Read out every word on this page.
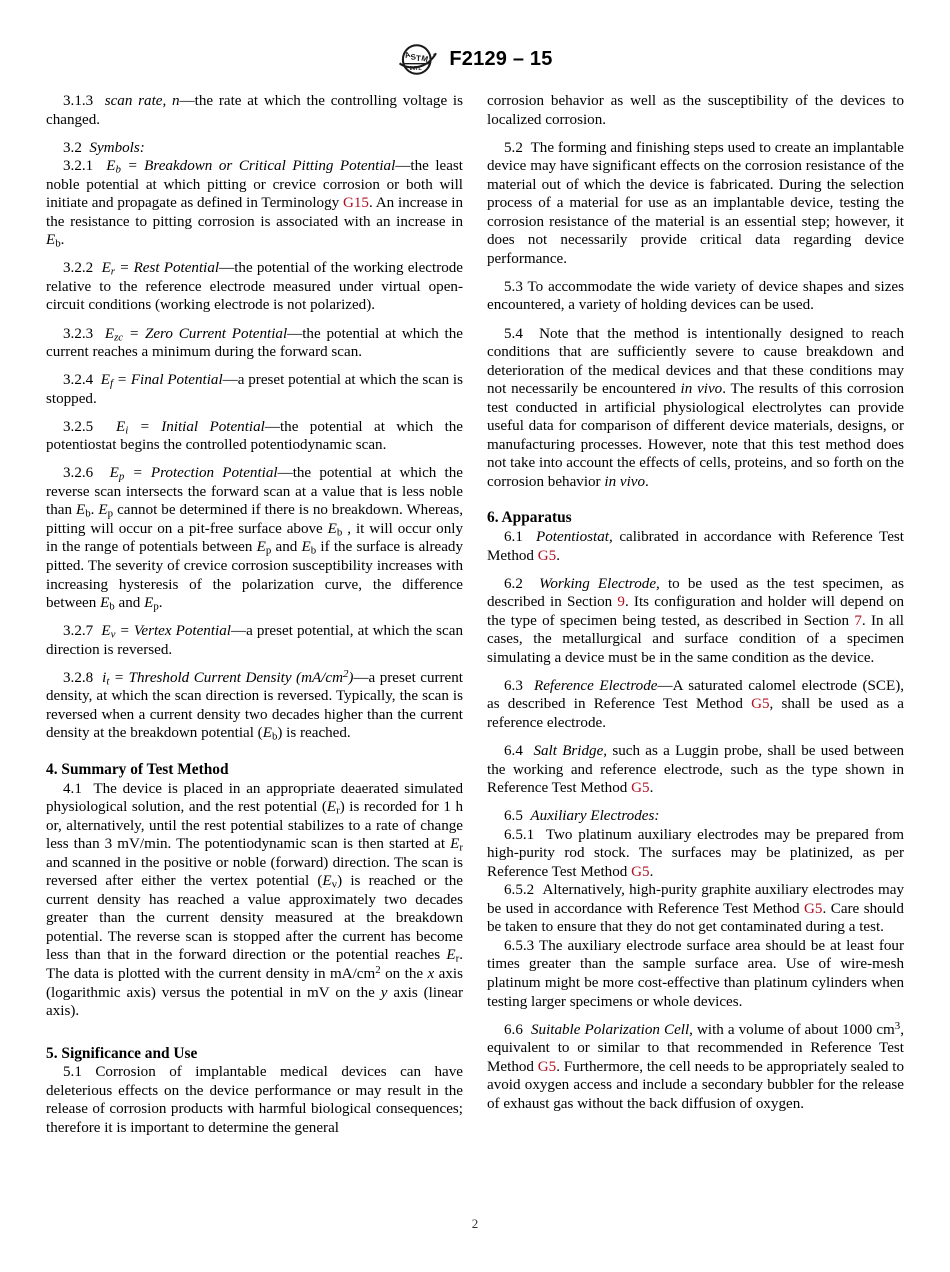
A
S T M
INTL F2129 – 15

3.1.3  scan rate, n—the rate at which the controlling voltage is changed.

3.2  Symbols:

3.2.1  $E_b$ = Breakdown or Critical Pitting Potential—the least noble potential at which pitting or crevice corrosion or both will initiate and propagate as defined in Terminology G15. An increase in the resistance to pitting corrosion is associated with an increase in $E_b$.

3.2.2  $E_r$ = Rest Potential—the potential of the working electrode relative to the reference electrode measured under virtual open-circuit conditions (working electrode is not polarized).

3.2.3  $E_{zc}$ = Zero Current Potential—the potential at which the current reaches a minimum during the forward scan.

3.2.4  $E_f$ = Final Potential—a preset potential at which the scan is stopped.

3.2.5  $E_i$ = Initial Potential—the potential at which the potentiostat begins the controlled potentiodynamic scan.

3.2.6  $E_p$ = Protection Potential—the potential at which the reverse scan intersects the forward scan at a value that is less noble than $E_b$. $E_p$ cannot be determined if there is no breakdown. Whereas, pitting will occur on a pit-free surface above $E_b$ , it will occur only in the range of potentials between $E_p$ and $E_b$ if the surface is already pitted. The severity of crevice corrosion susceptibility increases with increasing hysteresis of the polarization curve, the difference between $E_b$ and $E_p$.

3.2.7  $E_v$ = Vertex Potential—a preset potential, at which the scan direction is reversed.

3.2.8  $i_t$ = Threshold Current Density $(mA/cm^2)—a$ preset current density, at which the scan direction is reversed. Typically, the scan is reversed when a current density two decades higher than the current density at the breakdown potential $(E_b)$ is reached.

4. Summary of Test Method

4.1  The device is placed in an appropriate deaerated simulated physiological solution, and the rest potential $(E_r)$ is recorded for 1 h or, alternatively, until the rest potential stabilizes to a rate of change less than 3 mV/min. The potentiodynamic scan is then started at $E_r$ and scanned in the positive or noble (forward) direction. The scan is reversed after either the vertex potential $(E_v)$ is reached or the current density has reached a value approximately two decades greater than the current density measured at the breakdown potential. The reverse scan is stopped after the current has become less than that in the forward direction or the potential reaches $E_r$. The data is plotted with the current density in $mA/cm^2$ on the x axis (logarithmic axis) versus the potential in mV on the y axis (linear axis).

5. Significance and Use

5.1 Corrosion of implantable medical devices can have deleterious effects on the device performance or may result in the release of corrosion products with harmful biological consequences; therefore it is important to determine the general

corrosion behavior as well as the susceptibility of the devices to localized corrosion.

5.2  The forming and finishing steps used to create an implantable device may have significant effects on the corrosion resistance of the material out of which the device is fabricated. During the selection process of a material for use as an implantable device, testing the corrosion resistance of the material is an essential step; however, it does not necessarily provide critical data regarding device performance.

5.3 To accommodate the wide variety of device shapes and sizes encountered, a variety of holding devices can be used.

5.4  Note that the method is intentionally designed to reach conditions that are sufficiently severe to cause breakdown and deterioration of the medical devices and that these conditions may not necessarily be encountered in vivo. The results of this corrosion test conducted in artificial physiological electrolytes can provide useful data for comparison of different device materials, designs, or manufacturing processes. However, note that this test method does not take into account the effects of cells, proteins, and so forth on the corrosion behavior in vivo.

6. Apparatus

6.1  Potentiostat, calibrated in accordance with Reference Test Method G5.

6.2  Working Electrode, to be used as the test specimen, as described in Section 9. Its configuration and holder will depend on the type of specimen being tested, as described in Section 7. In all cases, the metallurgical and surface condition of a specimen simulating a device must be in the same condition as the device.

6.3  Reference Electrode—A saturated calomel electrode (SCE), as described in Reference Test Method G5, shall be used as a reference electrode.

6.4  Salt Bridge, such as a Luggin probe, shall be used between the working and reference electrode, such as the type shown in Reference Test Method G5.

6.5  Auxiliary Electrodes:

6.5.1  Two platinum auxiliary electrodes may be prepared from high-purity rod stock. The surfaces may be platinized, as per Reference Test Method G5.

6.5.2  Alternatively, high-purity graphite auxiliary electrodes may be used in accordance with Reference Test Method G5. Care should be taken to ensure that they do not get contaminated during a test.

6.5.3 The auxiliary electrode surface area should be at least four times greater than the sample surface area. Use of wire-mesh platinum might be more cost-effective than platinum cylinders when testing larger specimens or whole devices.

6.6  Suitable Polarization Cell, with a volume of about 1000 $cm^3$, equivalent to or similar to that recommended in Reference Test Method G5. Furthermore, the cell needs to be appropriately sealed to avoid oxygen access and include a secondary bubbler for the release of exhaust gas without the back diffusion of oxygen.

2
